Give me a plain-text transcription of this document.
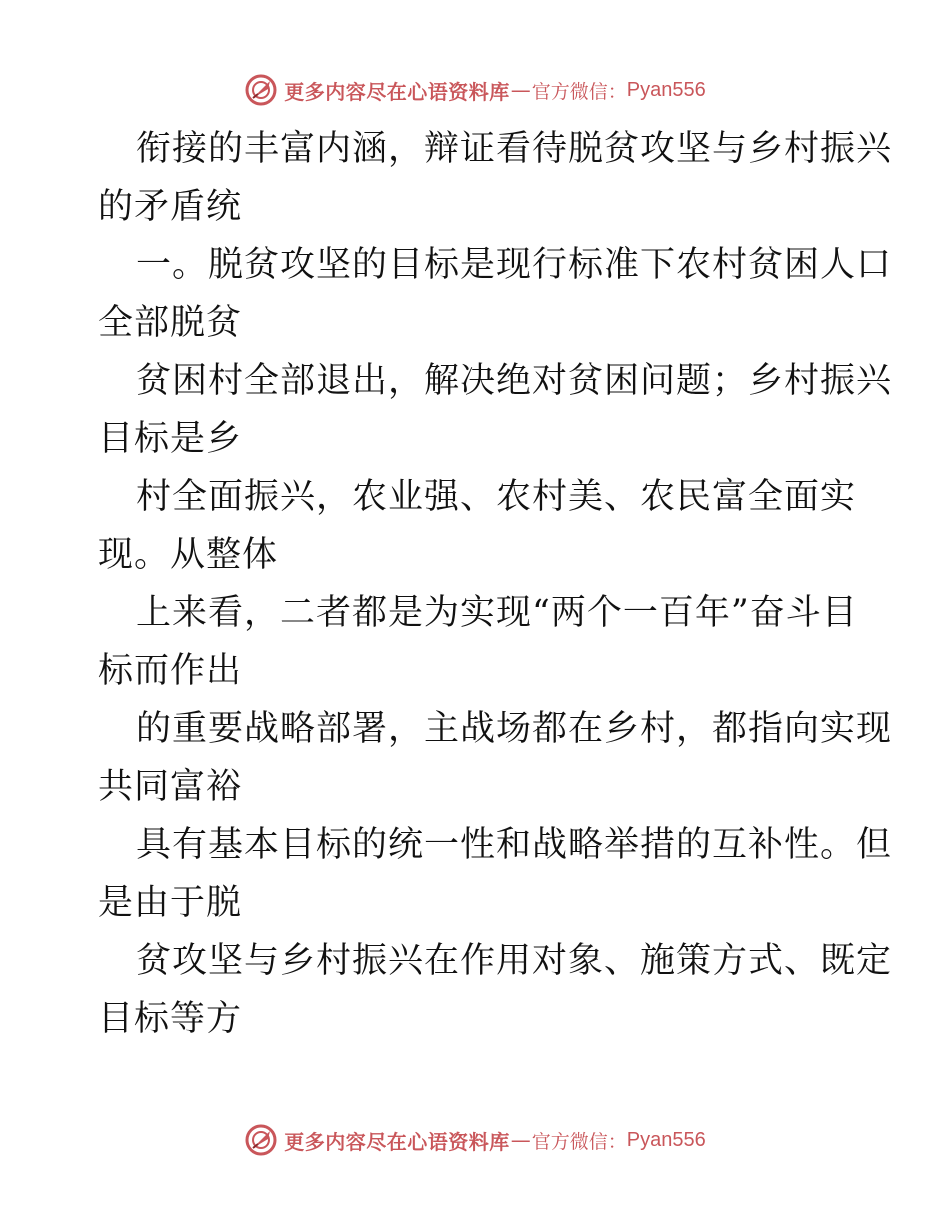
更多内容尽在心语资料库 — 官方微信： Pyan556
衔接的丰富内涵，辩证看待脱贫攻坚与乡村振兴
的矛盾统
一。脱贫攻坚的目标是现行标准下农村贫困人口
全部脱贫
贫困村全部退出，解决绝对贫困问题；乡村振兴
目标是乡
村全面振兴，农业强、农村美、农民富全面实
现。从整体
上来看，二者都是为实现“两个一百年”奋斗目
标而作出
的重要战略部署，主战场都在乡村，都指向实现
共同富裕
具有基本目标的统一性和战略举措的互补性。但
是由于脱
贫攻坚与乡村振兴在作用对象、施策方式、既定
目标等方
更多内容尽在心语资料库 — 官方微信： Pyan556
